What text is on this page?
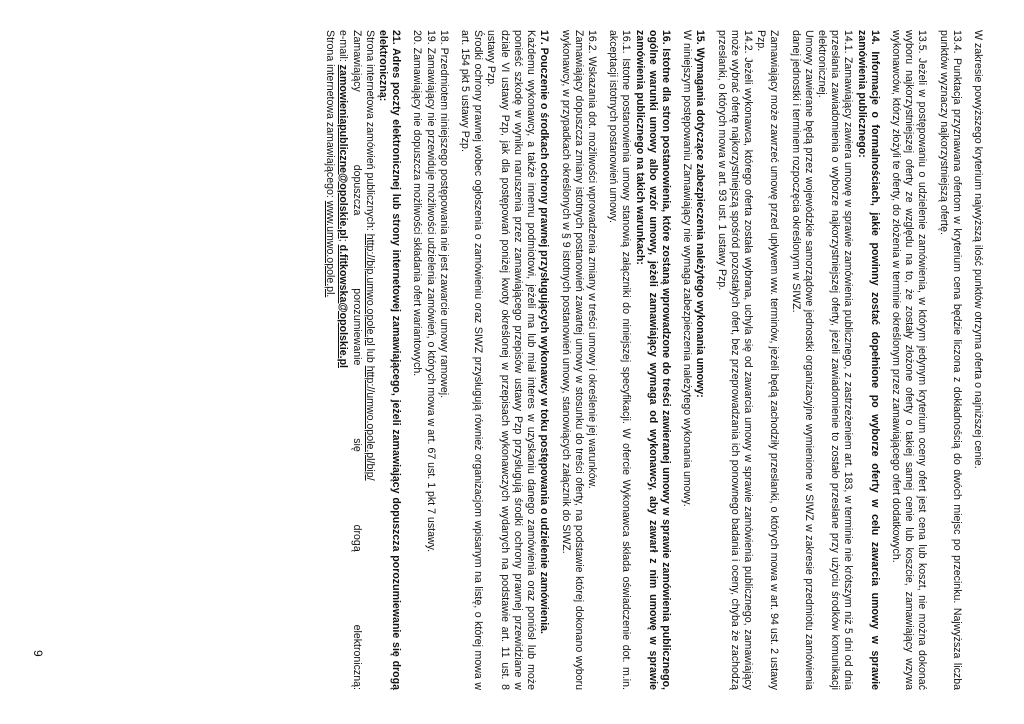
W zakresie powyższego kryterium najwyższą ilość punktów otrzyma oferta o najniższej cenie.

13.4. Punktacja przyznawana ofertom w kryterium cena będzie liczona z dokładnością do dwóch miejsc po przecinku. Najwyższa liczba punktów wyznaczy najkorzystniejszą ofertę.

13.5. Jeżeli w postępowaniu o udzielenie zamówienia, w którym jedynym kryterium oceny ofert jest cena lub koszt, nie można dokonać wyboru najkorzystniejszej oferty ze względu na to, że zostały złożone oferty o takiej samej cenie lub koszcie, zamawiający wzywa wykonawców, którzy złożyli te oferty, do złożenia w terminie określonym przez zamawiającego ofert dodatkowych.

14. Informacje o formalnościach, jakie powinny zostać dopełnione po wyborze oferty w celu zawarcia umowy w sprawie zamówienia publicznego:

14.1. Zamawiający zawiera umowę w sprawie zamówienia publicznego, z zastrzeżeniem art. 183, w terminie nie krótszym niż 5 dni od dnia przesłania zawiadomienia o wyborze najkorzystniejszej oferty, jeżeli zawiadomienie to zostało przesłane przy użyciu środków komunikacji elektronicznej.

Umowy zawierane będą przez wojewódzkie samorządowe jednostki organizacyjne wymienione w SIWZ w zakresie przedmiotu zamówienia danej jednostki i terminem rozpoczęcia określonym w SIWZ.

Zamawiający może zawrzeć umowę przed upływem ww. terminów, jeżeli będą zachodziły przesłanki, o których mowa w art. 94 ust. 2 ustawy Pzp.

14.2. Jeżeli wykonawca, którego oferta została wybrana, uchyla się od zawarcia umowy w sprawie zamówienia publicznego, zamawiający może wybrać ofertę najkorzystniejszą spośród pozostałych ofert, bez przeprowadzania ich ponownego badania i oceny, chyba że zachodzą przesłanki, o których mowa w art. 93 ust. 1 ustawy Pzp.

15. Wymagania dotyczące zabezpieczenia należytego wykonania umowy:

W niniejszym postępowaniu Zamawiający nie wymaga zabezpieczenia należytego wykonania umowy.

16. Istotne dla stron postanowienia, które zostaną wprowadzone do treści zawieranej umowy w sprawie zamówienia publicznego, ogólne warunki umowy albo wzór umowy, jeżeli zamawiający wymaga od wykonawcy, aby zawarł z nim umowę w sprawie zamówienia publicznego na takich warunkach:

16.1. Istotne postanowienia umowy stanowią załączniki do niniejszej specyfikacji. W ofercie Wykonawca składa oświadczenie dot. m.in. akceptacji istotnych postanowień umowy.

16.2. Wskazania dot. możliwości wprowadzenia zmiany w treści umowy i określenie jej warunków.

Zamawiający dopuszcza zmiany istotnych postanowień zawartej umowy w stosunku do treści oferty, na podstawie której dokonano wyboru wykonawcy, w przypadkach określonych w § 9 istotnych postanowień umowy, stanowiących załącznik do SIWZ.

17. Pouczenie o środkach ochrony prawnej przysługujących wykonawcy w toku postępowania o udzielenie zamówienia.

Każdemu wykonawcy, a także innemu podmiotowi, jeżeli ma lub miał interes w uzyskaniu danego zamówienia oraz poniósł lub może ponieść szkodę w wyniku naruszenia przez zamawiającego przepisów ustawy Pzp przysługują środki ochrony prawnej przewidziane w dziale VI ustawy Pzp, jak dla postępowań poniżej kwoty określonej w przepisach wykonawczych wydanych na podstawie art. 11 ust. 8 ustawy Pzp.

Środki ochrony prawnej wobec ogłoszenia o zamówieniu oraz SIWZ przysługują również organizacjom wpisanym na listę, o której mowa w art. 154 pkt 5 ustawy Pzp.

18. Przedmiotem niniejszego postępowania nie jest zawarcie umowy ramowej.

19. Zamawiający nie przewiduje możliwości udzielenia zamówień, o których mowa w art. 67 ust. 1 pkt 7 ustawy.

20. Zamawiający nie dopuszcza możliwości składania ofert wariantowych.

21. Adres poczty elektronicznej lub strony internetowej zamawiającego, jeżeli zamawiający dopuszcza porozumiewanie się drogą elektroniczną:

Strona internetowa zamówień publicznych: http://bip.umwo.opole.pl lub http://umwo.opole.pl/bip/

Zamawiający
dopuszcza
porozumiewanie
się
drogą
elektroniczną:

e-mail: zamowieniapubliczne@opolskie.pl; d.fitkowska@opolskie.pl

Strona internetowa zamawiającego: www.umwo.opole.pl.

9
